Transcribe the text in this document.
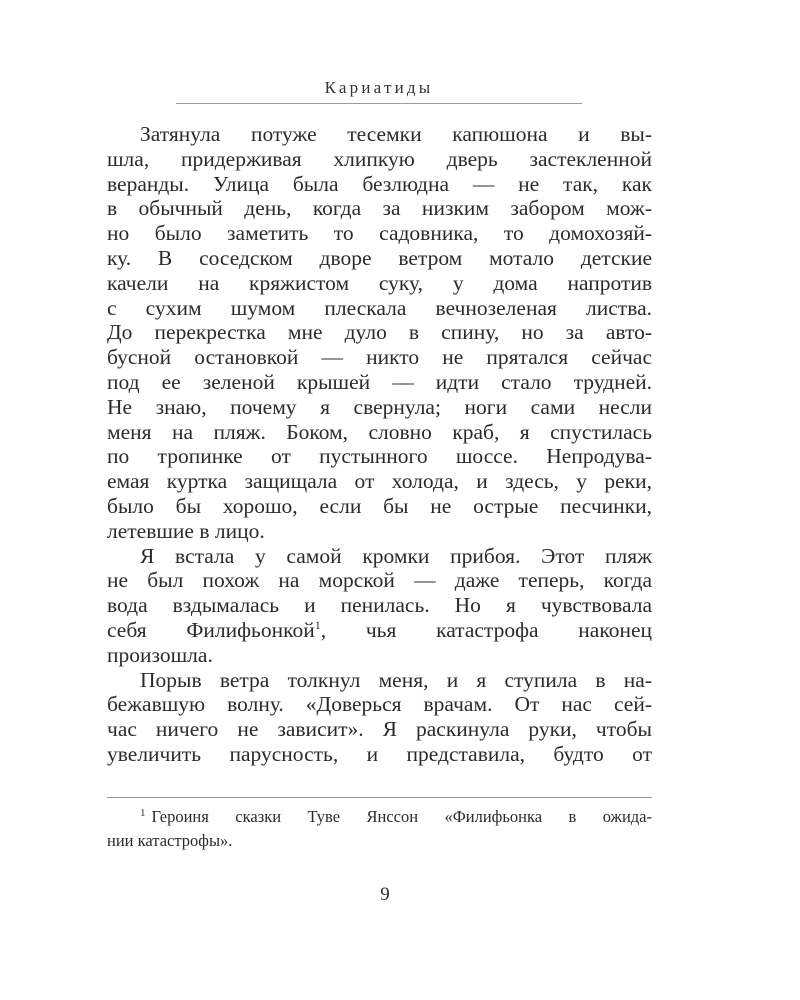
Кариатиды
Затянула потуже тесемки капюшона и вы-
шла, придерживая хлипкую дверь застекленной
веранды. Улица была безлюдна — не так, как
в обычный день, когда за низким забором мож-
но было заметить то садовника, то домохозяй-
ку. В соседском дворе ветром мотало детские
качели на кряжистом суку, у дома напротив
с сухим шумом плескала вечнозеленая листва.
До перекрестка мне дуло в спину, но за авто-
бусной остановкой — никто не прятался сейчас
под ее зеленой крышей — идти стало трудней.
Не знаю, почему я свернула; ноги сами несли
меня на пляж. Боком, словно краб, я спустилась
по тропинке от пустынного шоссе. Непродува-
емая куртка защищала от холода, и здесь, у реки,
было бы хорошо, если бы не острые песчинки,
летевшие в лицо.
Я встала у самой кромки прибоя. Этот пляж
не был похож на морской — даже теперь, когда
вода вздымалась и пенилась. Но я чувствовала
себя Филифьонкой$^1$, чья катастрофа наконец
произошла.
Порыв ветра толкнул меня, и я ступила в на-
бежавшую волну. «Доверься врачам. От нас сей-
час ничего не зависит». Я раскинула руки, чтобы
увеличить парусность, и представила, будто от
$^1$ Героиня сказки Туве Янссон «Филифьонка в ожида-
нии катастрофы».
9
